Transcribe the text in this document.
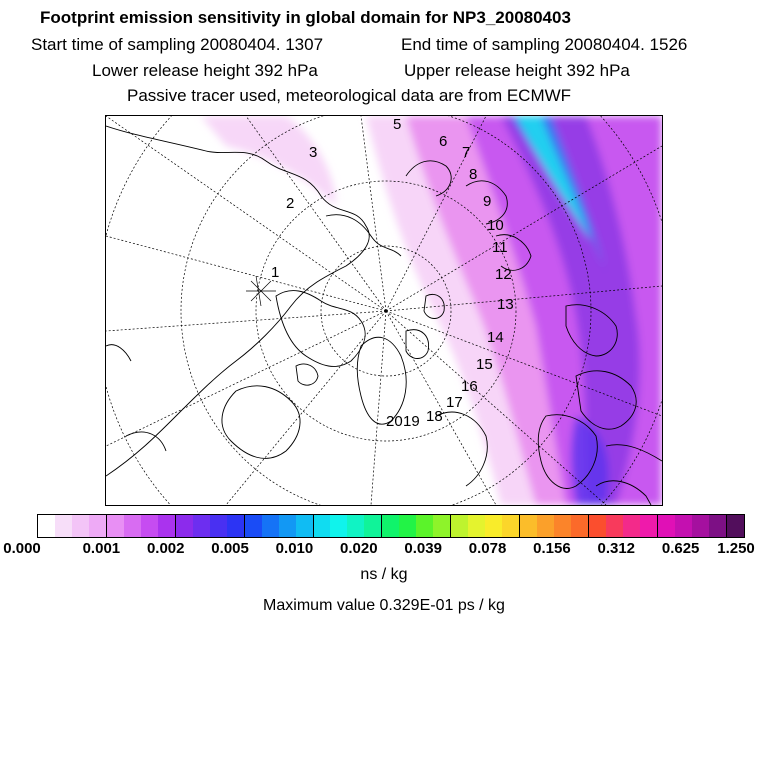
Footprint emission sensitivity in global domain for NP3_20080403
Start time of sampling 20080404. 1307	End time of sampling 20080404. 1526
Lower release height 392 hPa	Upper release height 392 hPa
Passive tracer used, meteorological data are from ECMWF
1
2
3
5
6
7
8
9
10
11
12
13
14
15
16
17
18
19
20
0.000	0.001 0.002 0.005 0.010 0.020 0.039 0.078 0.156 0.312 0.625 1.250
ns / kg
Maximum value 0.329E-01 ps / kg
